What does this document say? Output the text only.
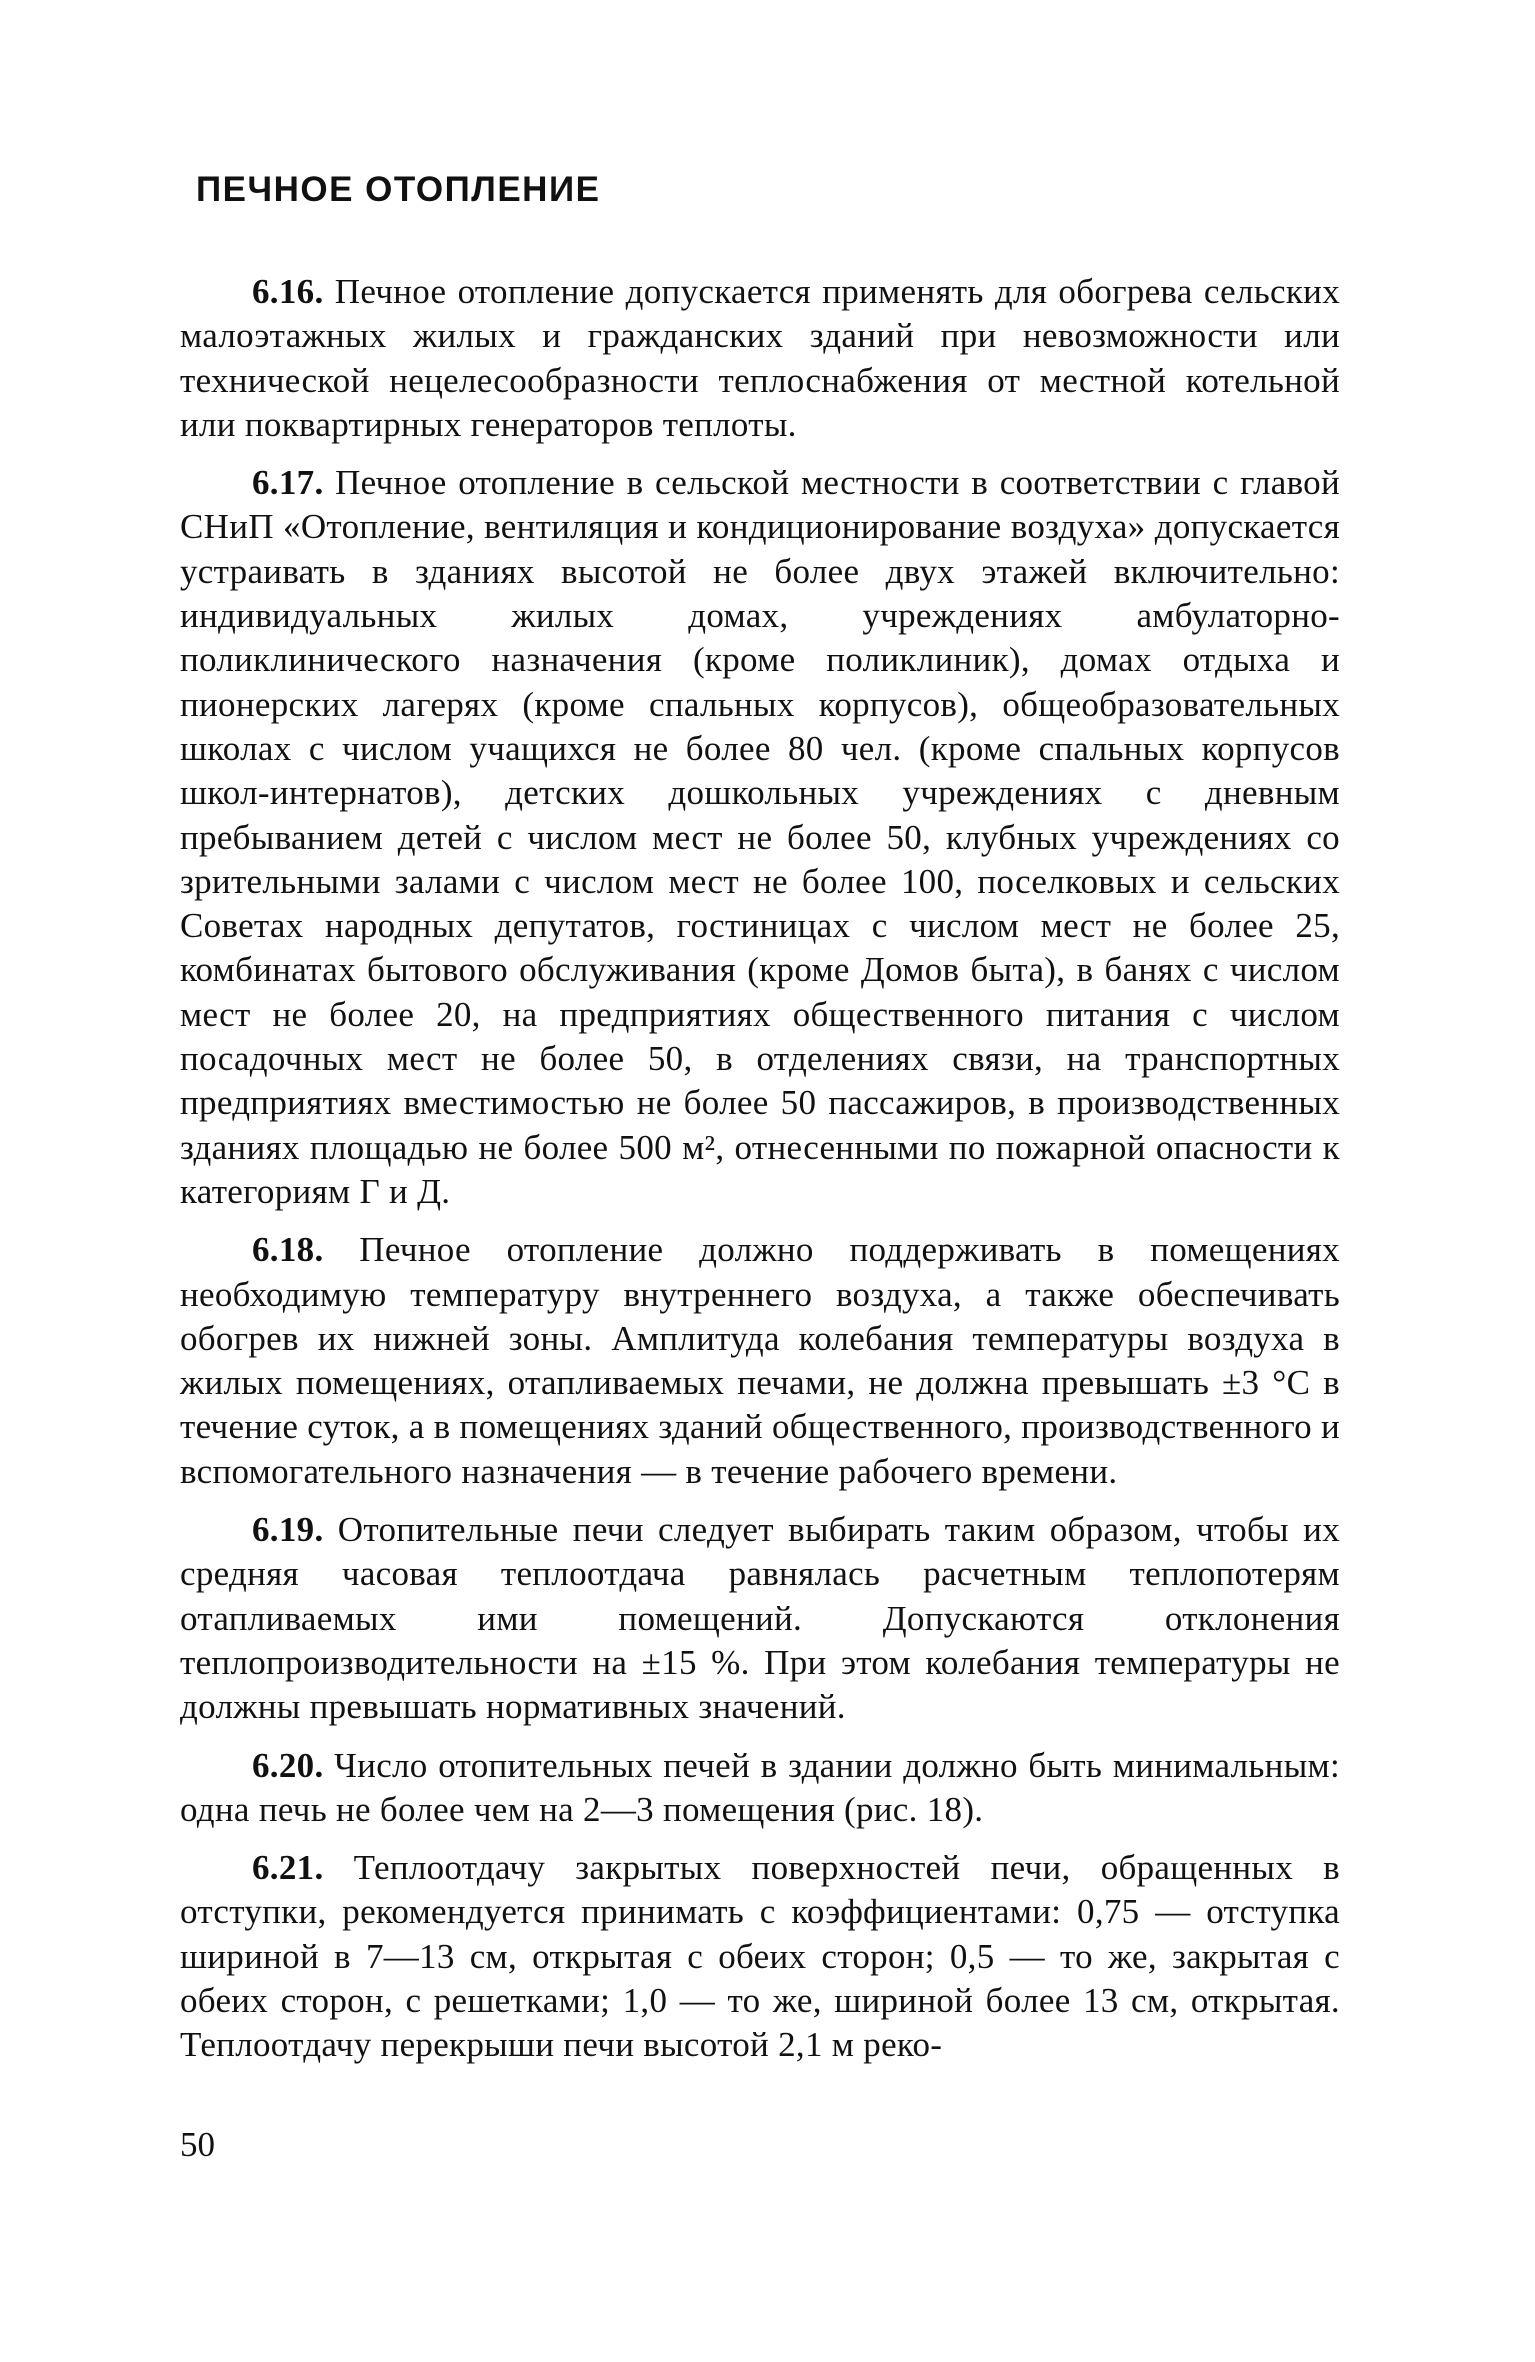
ПЕЧНОЕ ОТОПЛЕНИЕ

6.16. Печное отопление допускается применять для обогрева сельских малоэтажных жилых и гражданских зданий при невозможности или технической нецелесообразности теплоснабжения от местной котельной или поквартирных генераторов теплоты.

6.17. Печное отопление в сельской местности в соответствии с главой СНиП «Отопление, вентиляция и кондиционирование воздуха» допускается устраивать в зданиях высотой не более двух этажей включительно: индивидуальных жилых домах, учреждениях амбулаторно-поликлинического назначения (кроме поликлиник), домах отдыха и пионерских лагерях (кроме спальных корпусов), общеобразовательных школах с числом учащихся не более 80 чел. (кроме спальных корпусов школ-интернатов), детских дошкольных учреждениях с дневным пребыванием детей с числом мест не более 50, клубных учреждениях со зрительными залами с числом мест не более 100, поселковых и сельских Советах народных депутатов, гостиницах с числом мест не более 25, комбинатах бытового обслуживания (кроме Домов быта), в банях с числом мест не более 20, на предприятиях общественного питания с числом посадочных мест не более 50, в отделениях связи, на транспортных предприятиях вместимостью не более 50 пассажиров, в производственных зданиях площадью не более 500 м², отнесенными по пожарной опасности к категориям Г и Д.

6.18. Печное отопление должно поддерживать в помещениях необходимую температуру внутреннего воздуха, а также обеспечивать обогрев их нижней зоны. Амплитуда колебания температуры воздуха в жилых помещениях, отапливаемых печами, не должна превышать ±3 °С в течение суток, а в помещениях зданий общественного, производственного и вспомогательного назначения — в течение рабочего времени.

6.19. Отопительные печи следует выбирать таким образом, чтобы их средняя часовая теплоотдача равнялась расчетным теплопотерям отапливаемых ими помещений. Допускаются отклонения теплопроизводительности на ±15 %. При этом колебания температуры не должны превышать нормативных значений.

6.20. Число отопительных печей в здании должно быть минимальным: одна печь не более чем на 2—3 помещения (рис. 18).

6.21. Теплоотдачу закрытых поверхностей печи, обращенных в отступки, рекомендуется принимать с коэффициентами: 0,75 — отступка шириной в 7—13 см, открытая с обеих сторон; 0,5 — то же, закрытая с обеих сторон, с решетками; 1,0 — то же, шириной более 13 см, открытая. Теплоотдачу перекрыши печи высотой 2,1 м реко-

50
